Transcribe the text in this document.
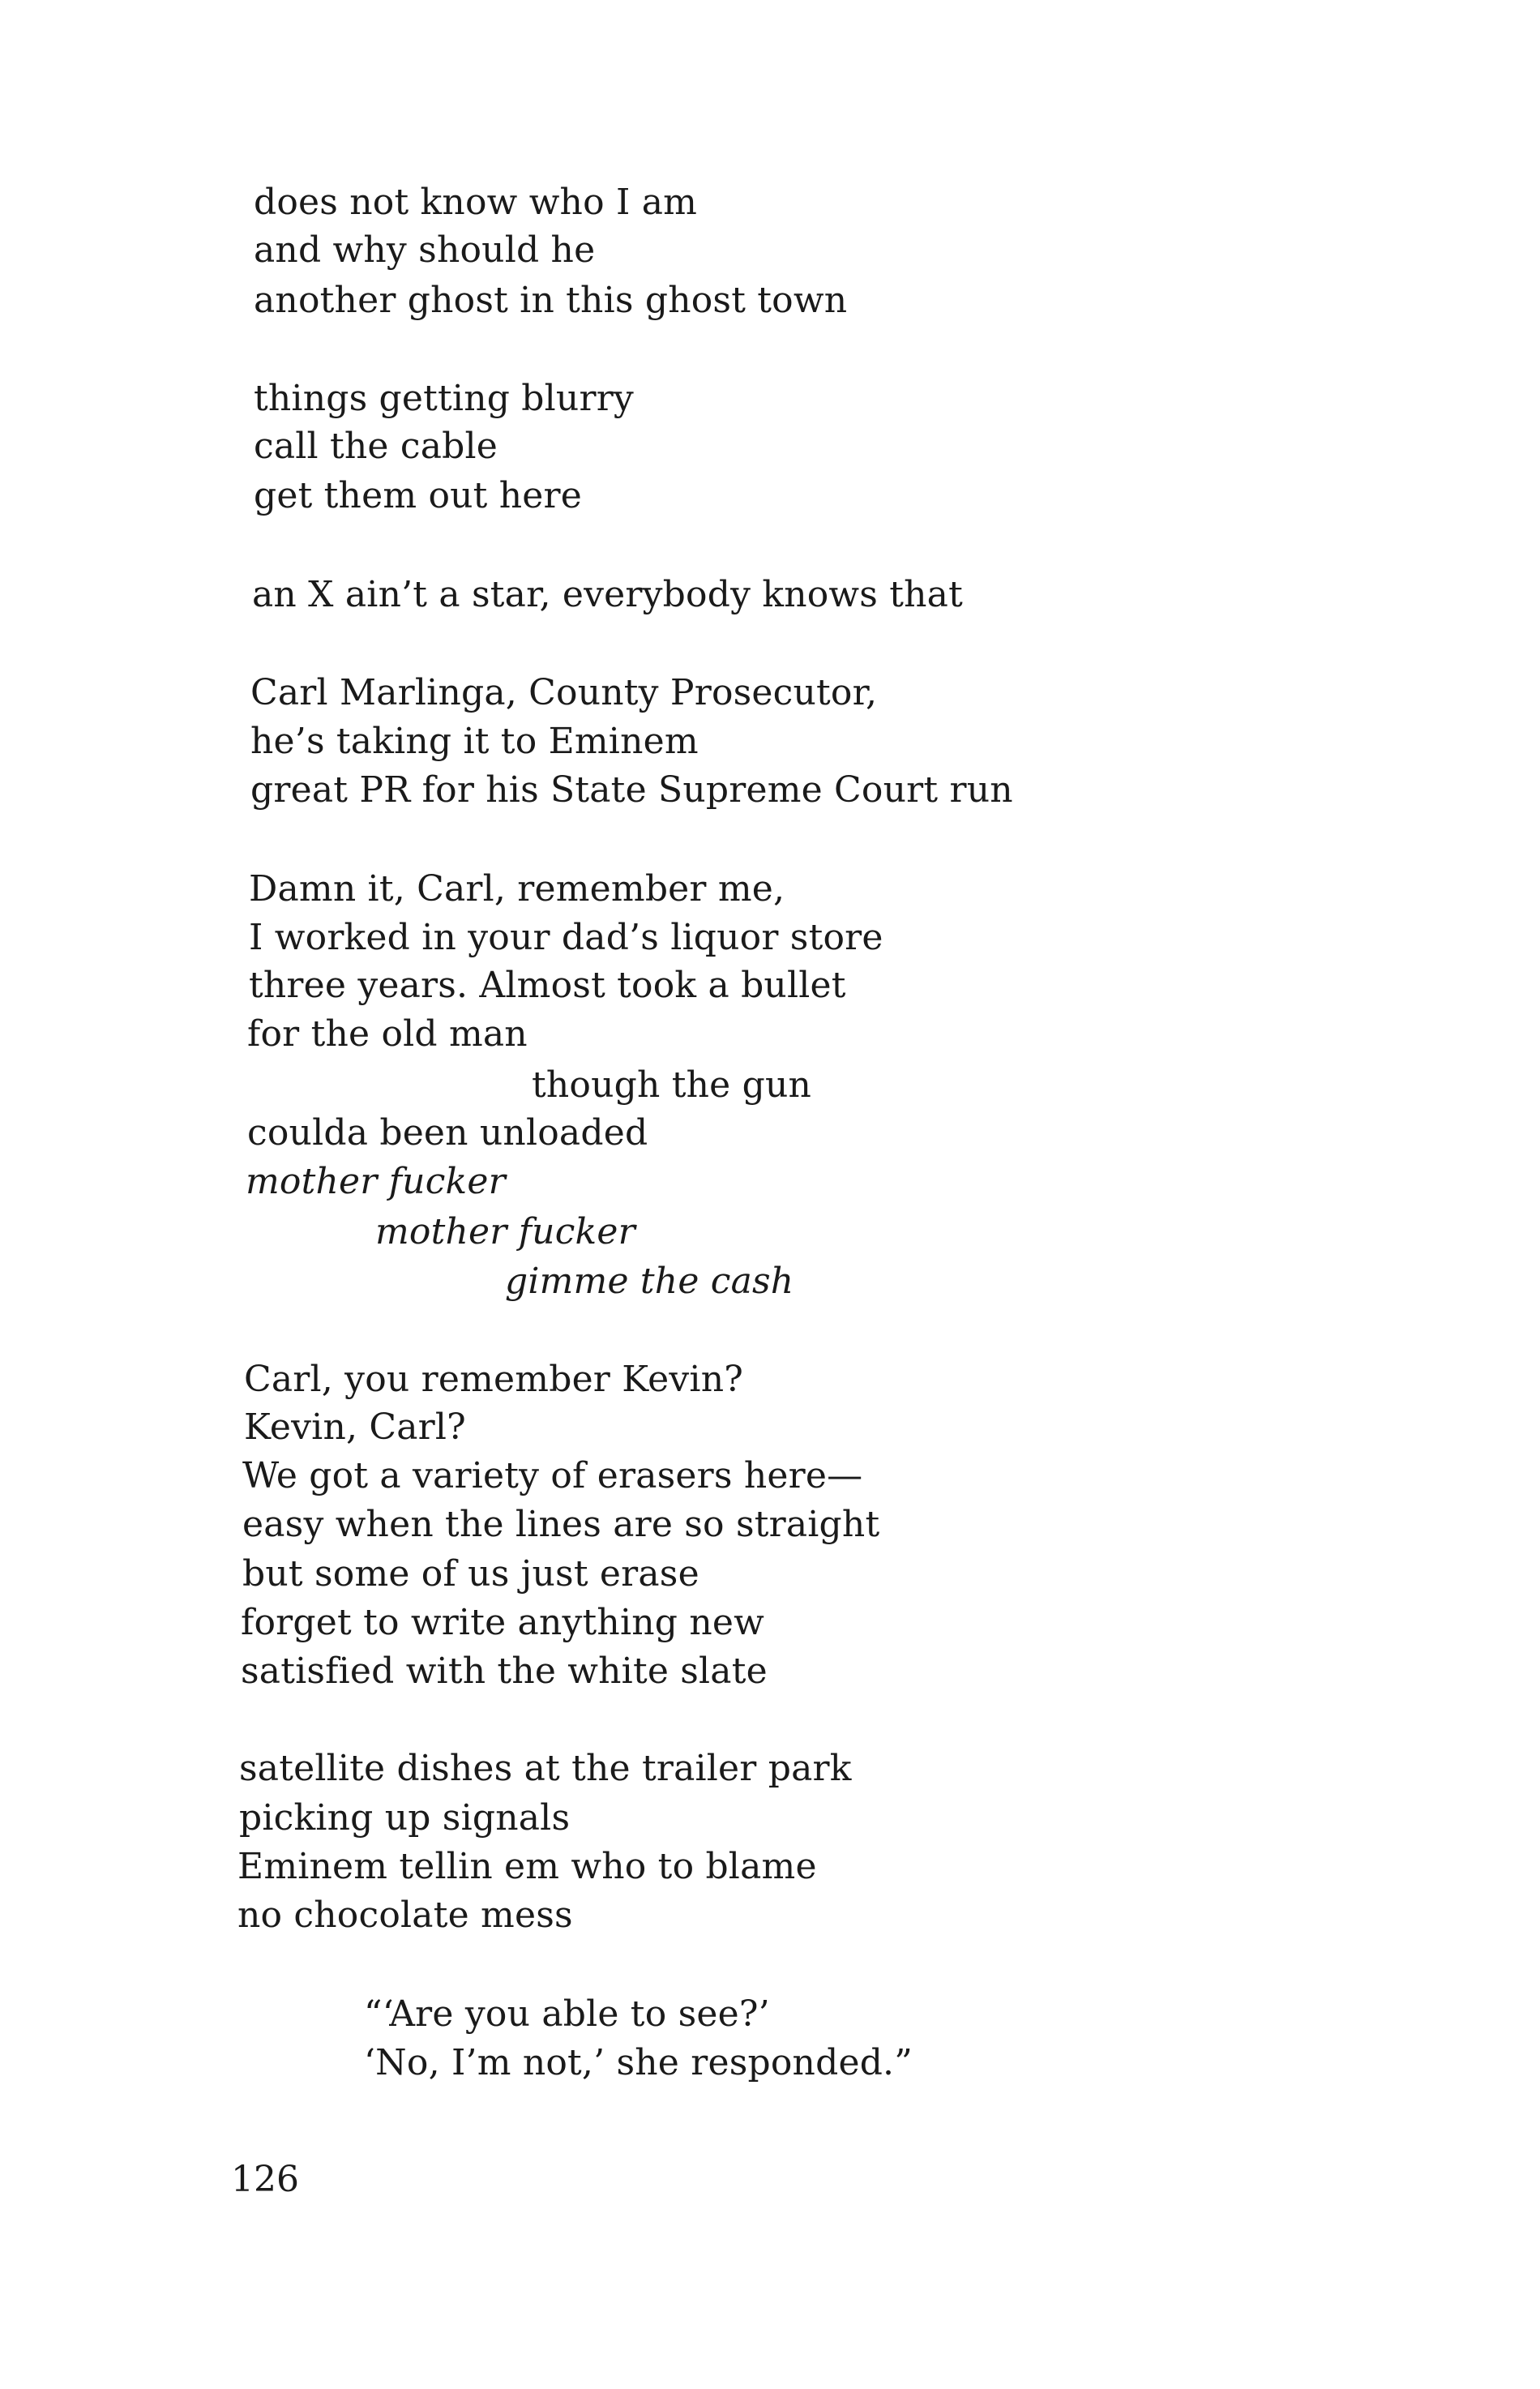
does not know who I am
and why should he
another ghost in this ghost town
things getting blurry
call the cable
get them out here
an X ain’t a star, everybody knows that
Carl Marlinga, County Prosecutor,
he’s taking it to Eminem
great PR for his State Supreme Court run
Damn it, Carl, remember me,
I worked in your dad’s liquor store
three years. Almost took a bullet
for the old man
though the gun
coulda been unloaded
mother fucker
mother fucker
gimme the cash
Carl, you remember Kevin?
Kevin, Carl?
We got a variety of erasers here—
easy when the lines are so straight
but some of us just erase
forget to write anything new
satisfied with the white slate
satellite dishes at the trailer park
picking up signals
Eminem tellin em who to blame
no chocolate mess
“‘Are you able to see?’
‘No, I’m not,’ she responded.”
126
